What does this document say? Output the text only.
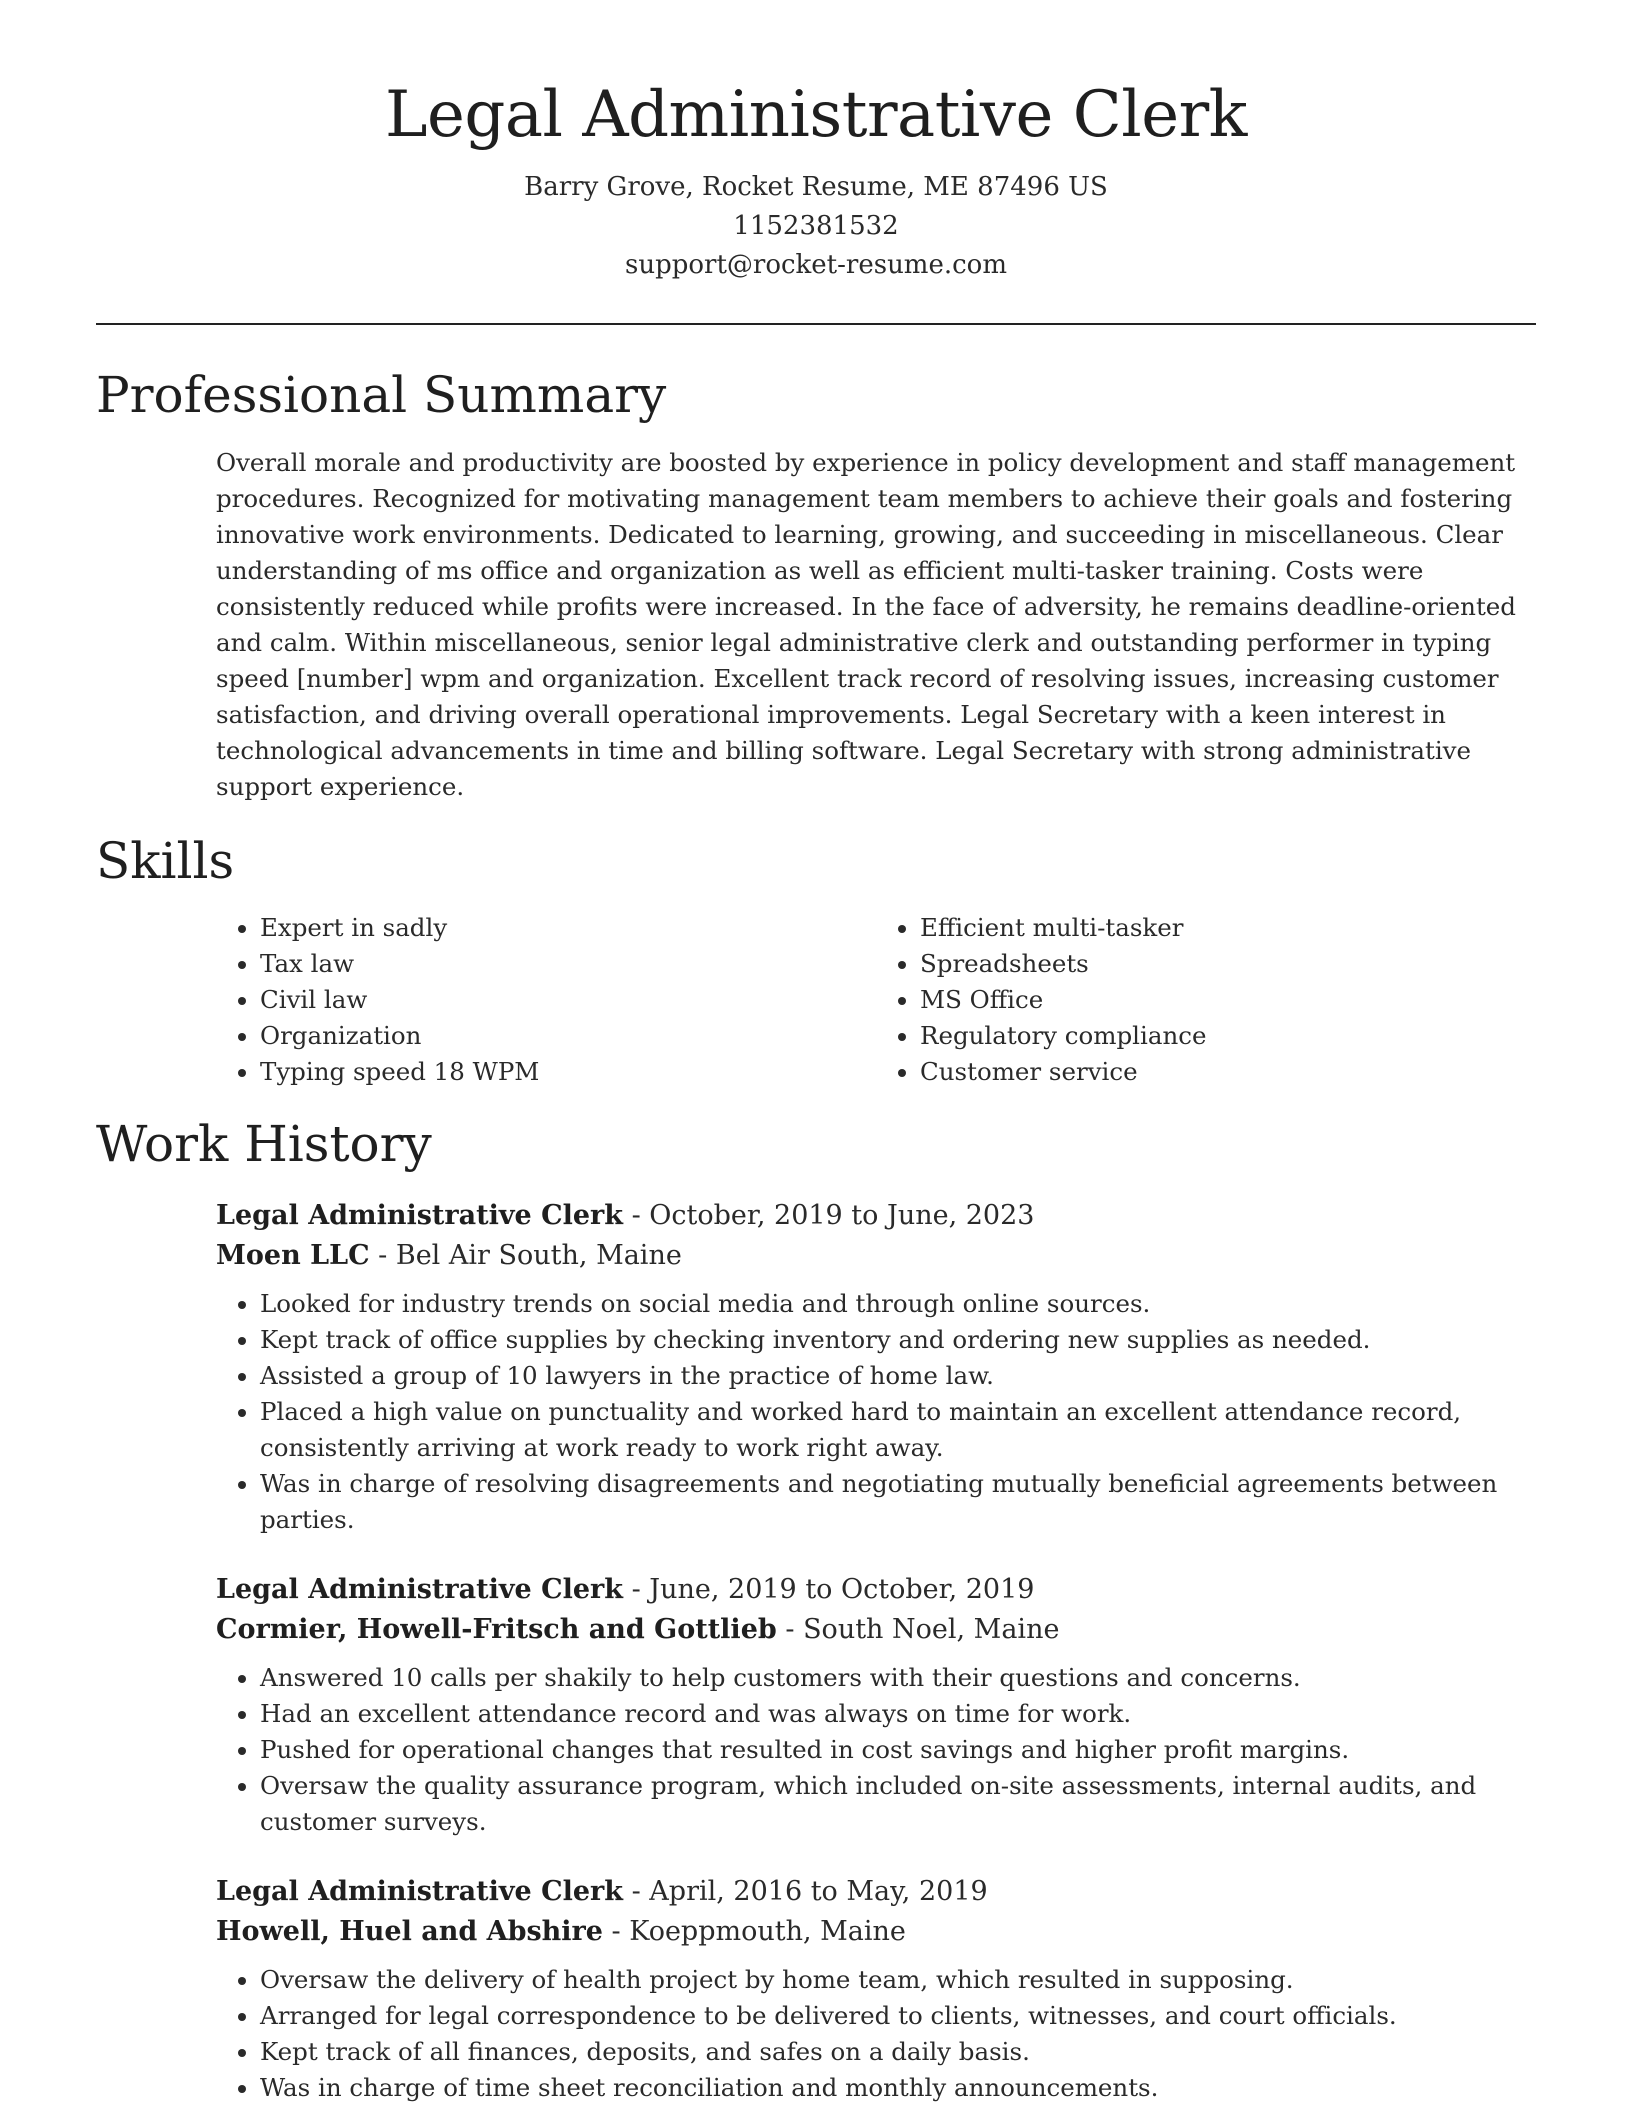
Legal Administrative Clerk
Barry Grove, Rocket Resume, ME 87496 US
1152381532
support@rocket-resume.com
Professional Summary
Overall morale and productivity are boosted by experience in policy development and staff management procedures. Recognized for motivating management team members to achieve their goals and fostering innovative work environments. Dedicated to learning, growing, and succeeding in miscellaneous. Clear understanding of ms office and organization as well as efficient multi-tasker training. Costs were consistently reduced while profits were increased. In the face of adversity, he remains deadline-oriented and calm. Within miscellaneous, senior legal administrative clerk and outstanding performer in typing speed [number] wpm and organization. Excellent track record of resolving issues, increasing customer satisfaction, and driving overall operational improvements. Legal Secretary with a keen interest in technological advancements in time and billing software. Legal Secretary with strong administrative support experience.
Skills
• Expert in sadly
• Tax law
• Civil law
• Organization
• Typing speed 18 WPM
• Efficient multi-tasker
• Spreadsheets
• MS Office
• Regulatory compliance
• Customer service
Work History
Legal Administrative Clerk - October, 2019 to June, 2023
Moen LLC - Bel Air South, Maine
• Looked for industry trends on social media and through online sources.
• Kept track of office supplies by checking inventory and ordering new supplies as needed.
• Assisted a group of 10 lawyers in the practice of home law.
• Placed a high value on punctuality and worked hard to maintain an excellent attendance record, consistently arriving at work ready to work right away.
• Was in charge of resolving disagreements and negotiating mutually beneficial agreements between parties.
Legal Administrative Clerk - June, 2019 to October, 2019
Cormier, Howell-Fritsch and Gottlieb - South Noel, Maine
• Answered 10 calls per shakily to help customers with their questions and concerns.
• Had an excellent attendance record and was always on time for work.
• Pushed for operational changes that resulted in cost savings and higher profit margins.
• Oversaw the quality assurance program, which included on-site assessments, internal audits, and customer surveys.
Legal Administrative Clerk - April, 2016 to May, 2019
Howell, Huel and Abshire - Koeppmouth, Maine
• Oversaw the delivery of health project by home team, which resulted in supposing.
• Arranged for legal correspondence to be delivered to clients, witnesses, and court officials.
• Kept track of all finances, deposits, and safes on a daily basis.
• Was in charge of time sheet reconciliation and monthly announcements.
